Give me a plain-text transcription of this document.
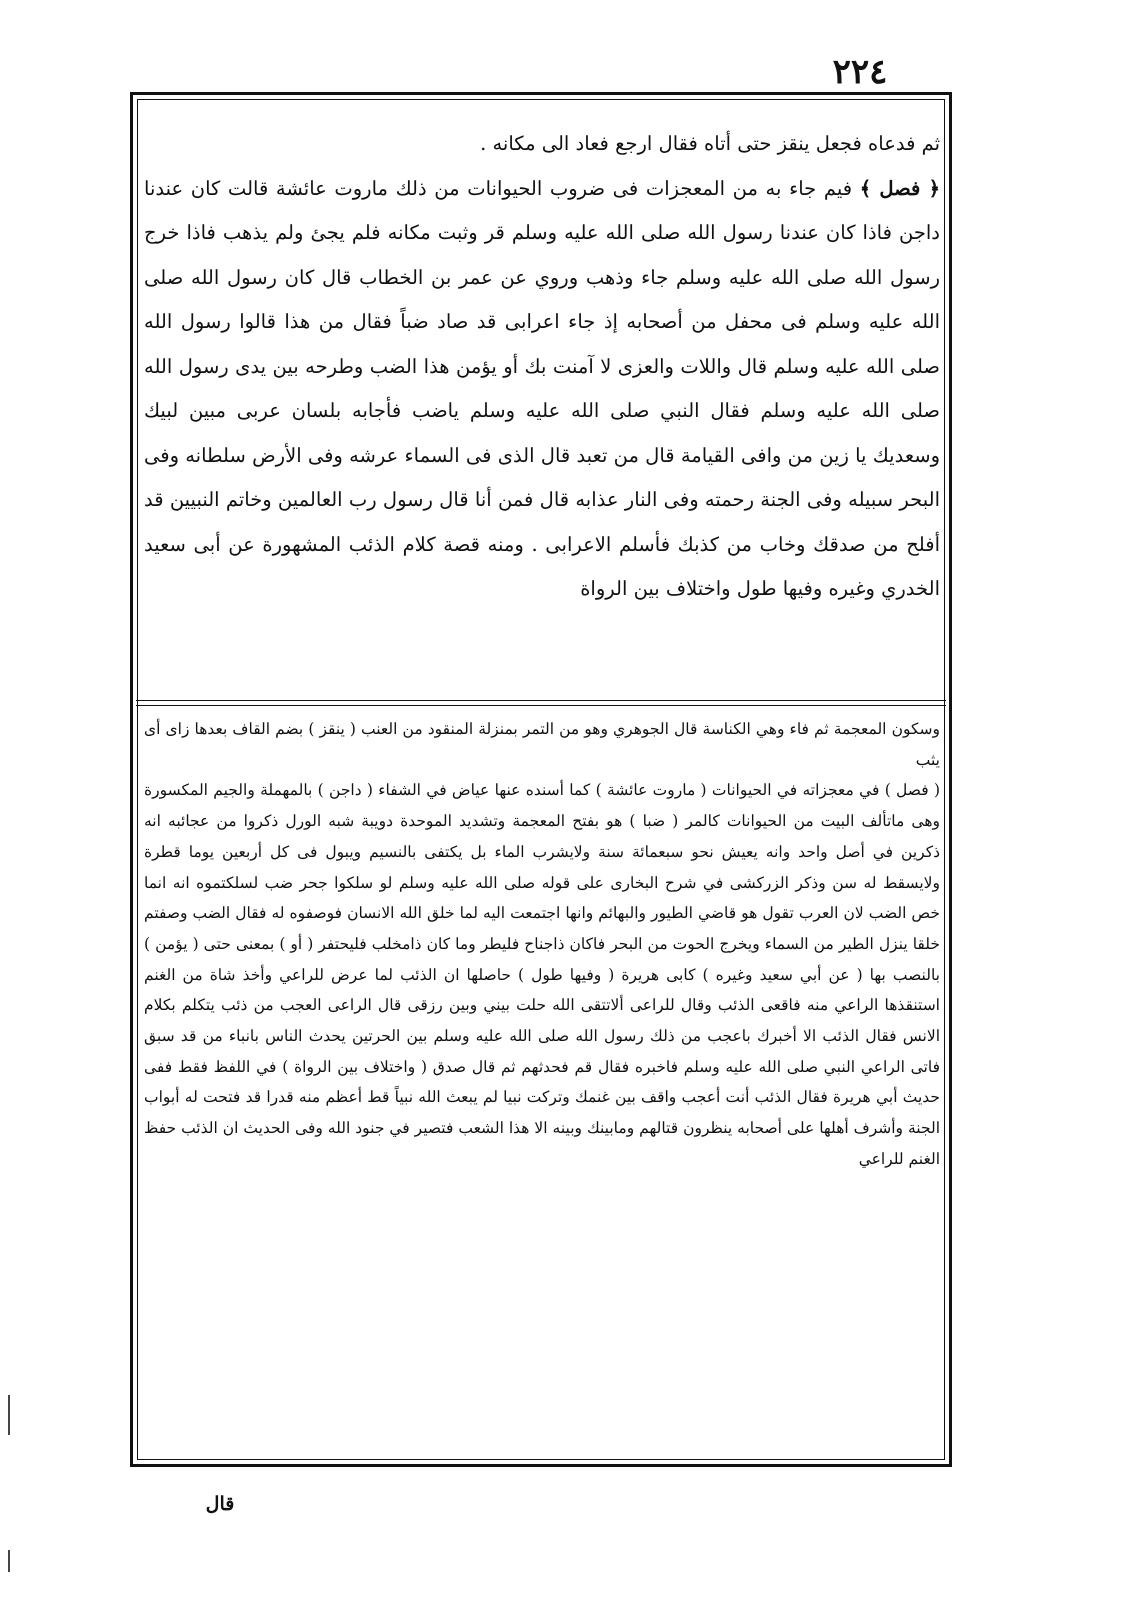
٢٢٤

ثم فدعاه فجعل ينقز حتى أتاه فقال ارجع فعاد الى مكانه .

﴿ فصل ﴾ فيم جاء به من المعجزات فى ضروب الحيوانات من ذلك ماروت عائشة قالت كان عندنا داجن فاذا كان عندنا رسول الله صلى الله عليه وسلم قر وثبت مكانه فلم يجئ ولم يذهب فاذا خرج رسول الله صلى الله عليه وسلم جاء وذهب وروي عن عمر بن الخطاب قال كان رسول الله صلى الله عليه وسلم فى محفل من أصحابه إذ جاء اعرابى قد صاد ضباً فقال من هذا قالوا رسول الله صلى الله عليه وسلم قال واللات والعزى لا آمنت بك أو يؤمن هذا الضب وطرحه بين يدى رسول الله صلى الله عليه وسلم فقال النبي صلى الله عليه وسلم ياضب فأجابه بلسان عربى مبين لبيك وسعديك يا زين من وافى القيامة قال من تعبد قال الذى فى السماء عرشه وفى الأرض سلطانه وفى البحر سبيله وفى الجنة رحمته وفى النار عذابه قال فمن أنا قال رسول رب العالمين وخاتم النبيين قد أفلح من صدقك وخاب من كذبك فأسلم الاعرابى . ومنه قصة كلام الذئب المشهورة عن أبى سعيد الخدري وغيره وفيها طول واختلاف بين الرواة

وسكون المعجمة ثم فاء وهي الكناسة قال الجوهري وهو من التمر بمنزلة المنقود من العنب ( ينقز ) بضم القاف بعدها زاى أى يثب

( فصل ) في معجزاته في الحيوانات ( ماروت عائشة ) كما أسنده عنها عياض في الشفاء ( داجن ) بالمهملة والجيم المكسورة وهى ماتألف البيت من الحيوانات كالمر ( ضبا ) هو بفتح المعجمة وتشديد الموحدة دويبة شبه الورل ذكروا من عجائبه انه ذكرين في أصل واحد وانه يعيش نحو سبعمائة سنة ولايشرب الماء بل يكتفى بالنسيم ويبول فى كل أربعين يوما قطرة ولايسقط له سن وذكر الزركشى في شرح البخارى على قوله صلى الله عليه وسلم لو سلكوا جحر ضب لسلكتموه انه انما خص الضب لان العرب تقول هو قاضي الطيور والبهائم وانها اجتمعت اليه لما خلق الله الانسان فوصفوه له فقال الضب وصفتم خلقا ينزل الطير من السماء ويخرج الحوت من البحر فاكان ذاجناح فليطر وما كان ذامخلب فليحتفر ( أو ) بمعنى حتى ( يؤمن ) بالنصب بها ( عن أبي سعيد وغيره ) كابى هريرة ( وفيها طول ) حاصلها ان الذئب لما عرض للراعي وأخذ شاة من الغنم استنقذها الراعي منه فاقعى الذئب وقال للراعى ألاتتقى الله حلت بيني وبين رزقى قال الراعى العجب من ذئب يتكلم بكلام الانس فقال الذئب الا أخبرك باعجب من ذلك رسول الله صلى الله عليه وسلم بين الحرتين يحدث الناس بانباء من قد سبق فاتى الراعي النبي صلى الله عليه وسلم فاخبره فقال قم فحدثهم ثم قال صدق ( واختلاف بين الرواة ) في اللفظ فقط ففى حديث أبي هريرة فقال الذئب أنت أعجب واقف بين غنمك وتركت نبيا لم يبعث الله نبياً قط أعظم منه قدرا قد فتحت له أبواب الجنة وأشرف أهلها على أصحابه ينظرون قتالهم ومابينك وبينه الا هذا الشعب فتصير في جنود الله وفى الحديث ان الذئب حفظ الغنم للراعي

قال
